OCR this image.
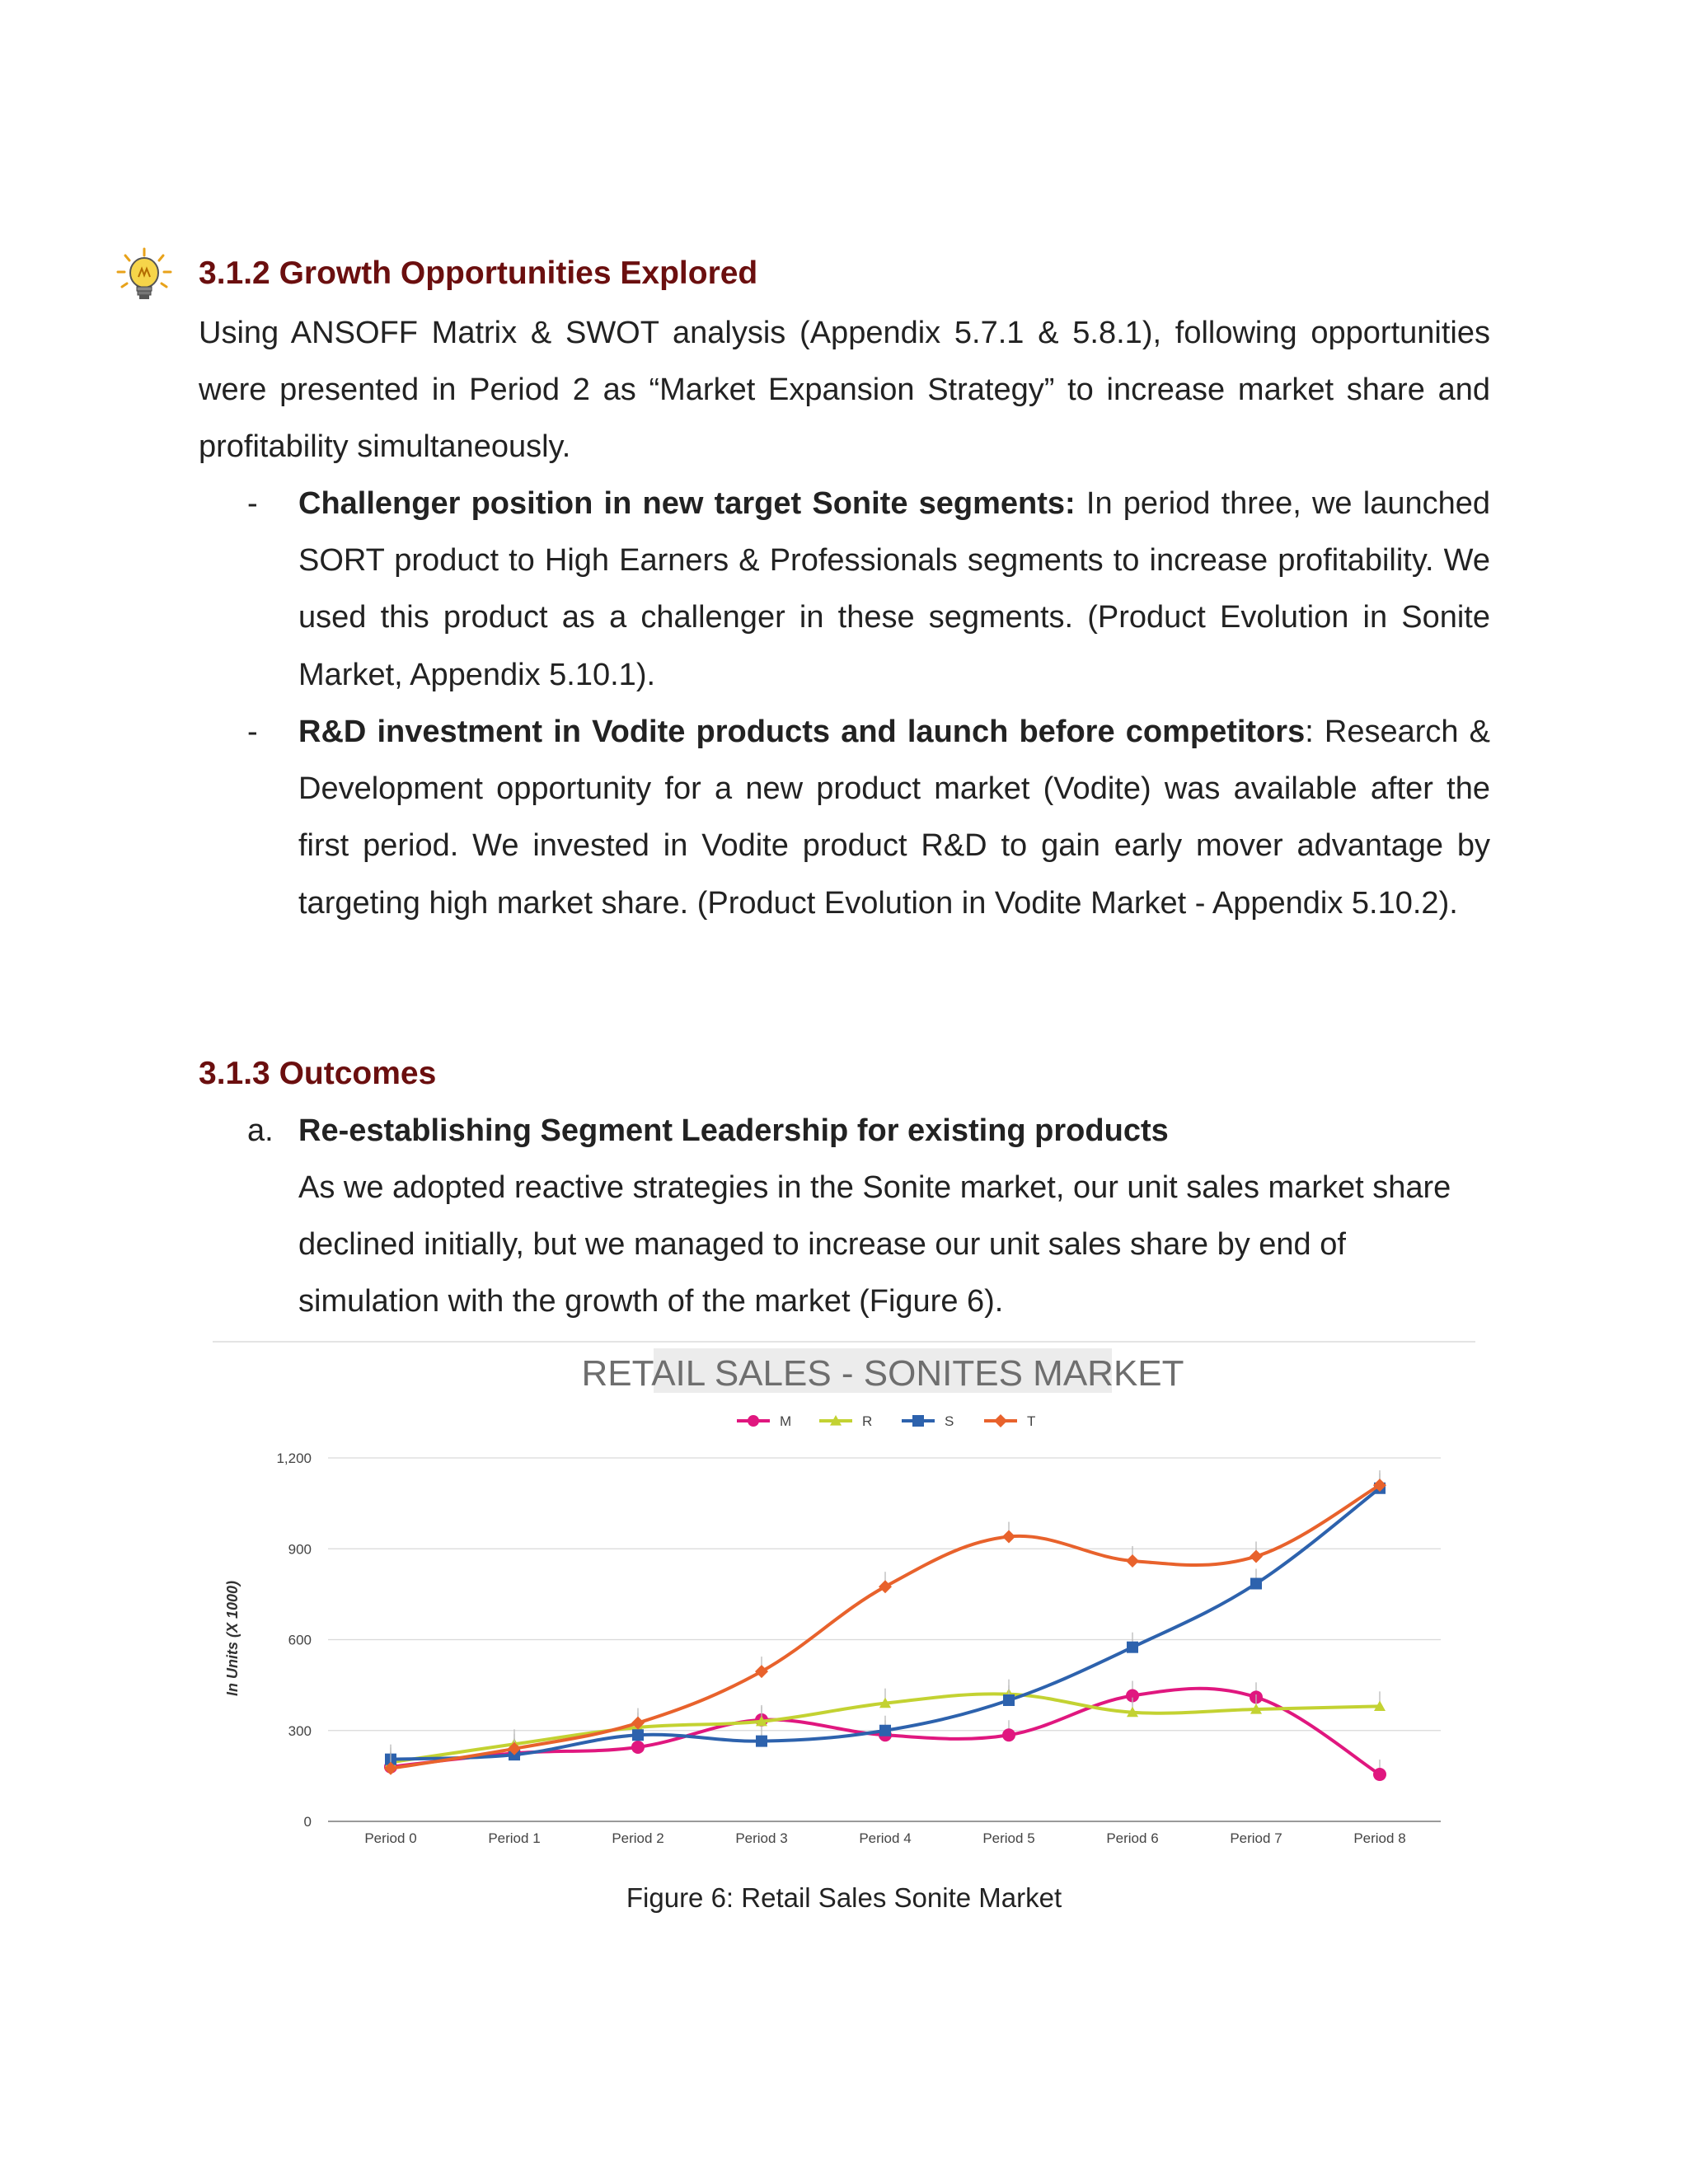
3.1.2 Growth Opportunities Explored

Using ANSOFF Matrix & SWOT analysis (Appendix 5.7.1 & 5.8.1), following opportunities were presented in Period 2 as “Market Expansion Strategy” to increase market share and profitability simultaneously.

- Challenger position in new target Sonite segments: In period three, we launched SORT product to High Earners & Professionals segments to increase profitability. We used this product as a challenger in these segments. (Product Evolution in Sonite Market, Appendix 5.10.1).

- R&D investment in Vodite products and launch before competitors: Research & Development opportunity for a new product market (Vodite) was available after the first period. We invested in Vodite product R&D to gain early mover advantage by targeting high market share. (Product Evolution in Vodite Market - Appendix 5.10.2).

3.1.3 Outcomes
a. Re-establishing Segment Leadership for existing products

As we adopted reactive strategies in the Sonite market, our unit sales market share declined initially, but we managed to increase our unit sales share by end of simulation with the growth of the market (Figure 6).

RETAIL SALES - SONITES MARKET
0
300
600
900
1,200
Period 0	Period 1	Period 2	Period 3	Period 4	Period 5	Period 6	Period 7	Period 8
In Units (X 1000)
M	R	S	T

Figure 6: Retail Sales Sonite Market
